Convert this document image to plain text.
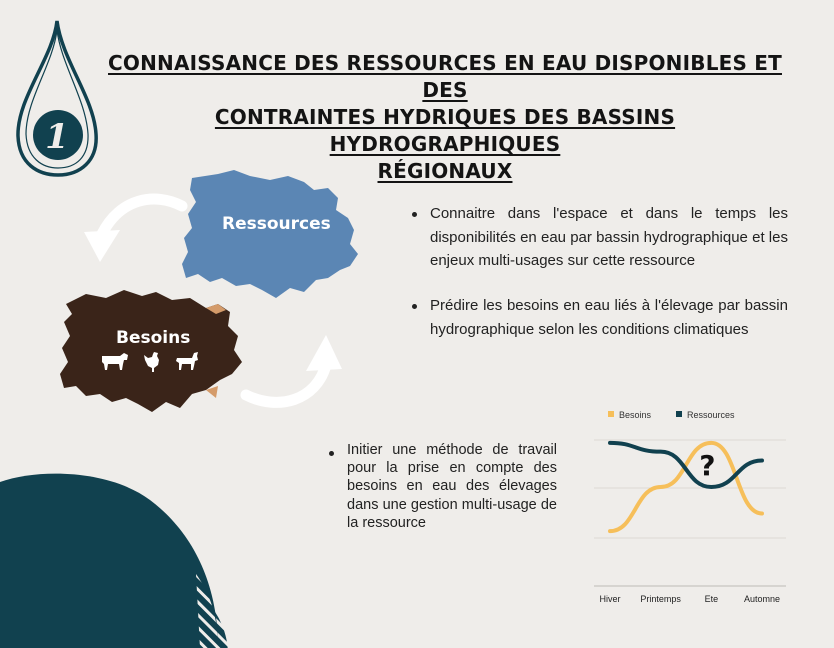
1
CONNAISSANCE DES RESSOURCES EN EAU DISPONIBLES ET DES
CONTRAINTES HYDRIQUES DES BASSINS HYDROGRAPHIQUES
RÉGIONAUX
Ressources
Besoins
Connaitre dans l'espace et dans le temps les disponibilités en eau par bassin hydrographique et les enjeux multi-usages sur cette ressource
Prédire les besoins en eau liés à l'élevage par bassin hydrographique selon les conditions climatiques
Initier une méthode de travail pour la prise en compte des besoins en eau des élevages dans une gestion multi-usage de la ressource
Besoins	Ressources
Hiver Printemps	Ete	Automne
?
